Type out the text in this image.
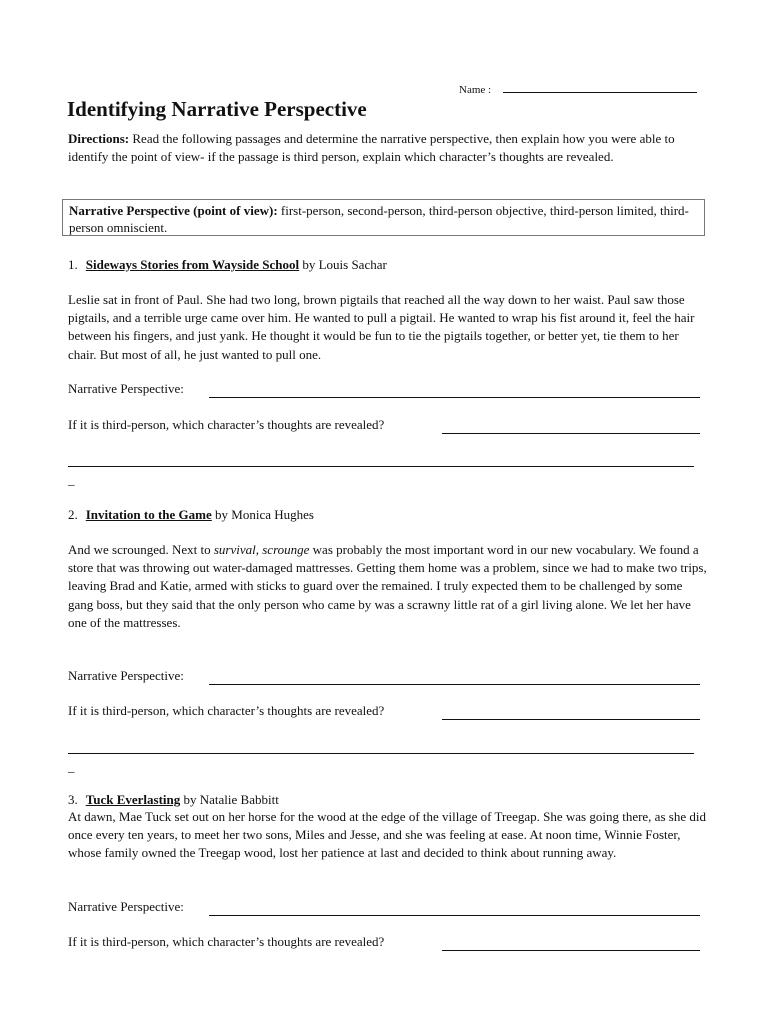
Name :
Identifying Narrative Perspective

Directions: Read the following passages and determine the narrative perspective, then explain how you were able to identify the point of view- if the passage is third person, explain which character’s thoughts are revealed.

Narrative Perspective (point of view): first-person, second-person, third-person objective, third-person limited, third-person omniscient.

1. Sideways Stories from Wayside School by Louis Sachar

Leslie sat in front of Paul. She had two long, brown pigtails that reached all the way down to her waist. Paul saw those pigtails, and a terrible urge came over him. He wanted to pull a pigtail. He wanted to wrap his fist around it, feel the hair between his fingers, and just yank. He thought it would be fun to tie the pigtails together, or better yet, tie them to her chair. But most of all, he just wanted to pull one.

Narrative Perspective:
If it is third-person, which character’s thoughts are revealed?
_

2. Invitation to the Game by Monica Hughes

And we scrounged. Next to survival, scrounge was probably the most important word in our new vocabulary. We found a store that was throwing out water-damaged mattresses. Getting them home was a problem, since we had to make two trips, leaving Brad and Katie, armed with sticks to guard over the remained. I truly expected them to be challenged by some gang boss, but they said that the only person who came by was a scrawny little rat of a girl living alone. We let her have one of the mattresses.

Narrative Perspective:
If it is third-person, which character’s thoughts are revealed?
_

3. Tuck Everlasting by Natalie Babbitt

At dawn, Mae Tuck set out on her horse for the wood at the edge of the village of Treegap. She was going there, as she did once every ten years, to meet her two sons, Miles and Jesse, and she was feeling at ease. At noon time, Winnie Foster, whose family owned the Treegap wood, lost her patience at last and decided to think about running away.

Narrative Perspective:
If it is third-person, which character’s thoughts are revealed?
